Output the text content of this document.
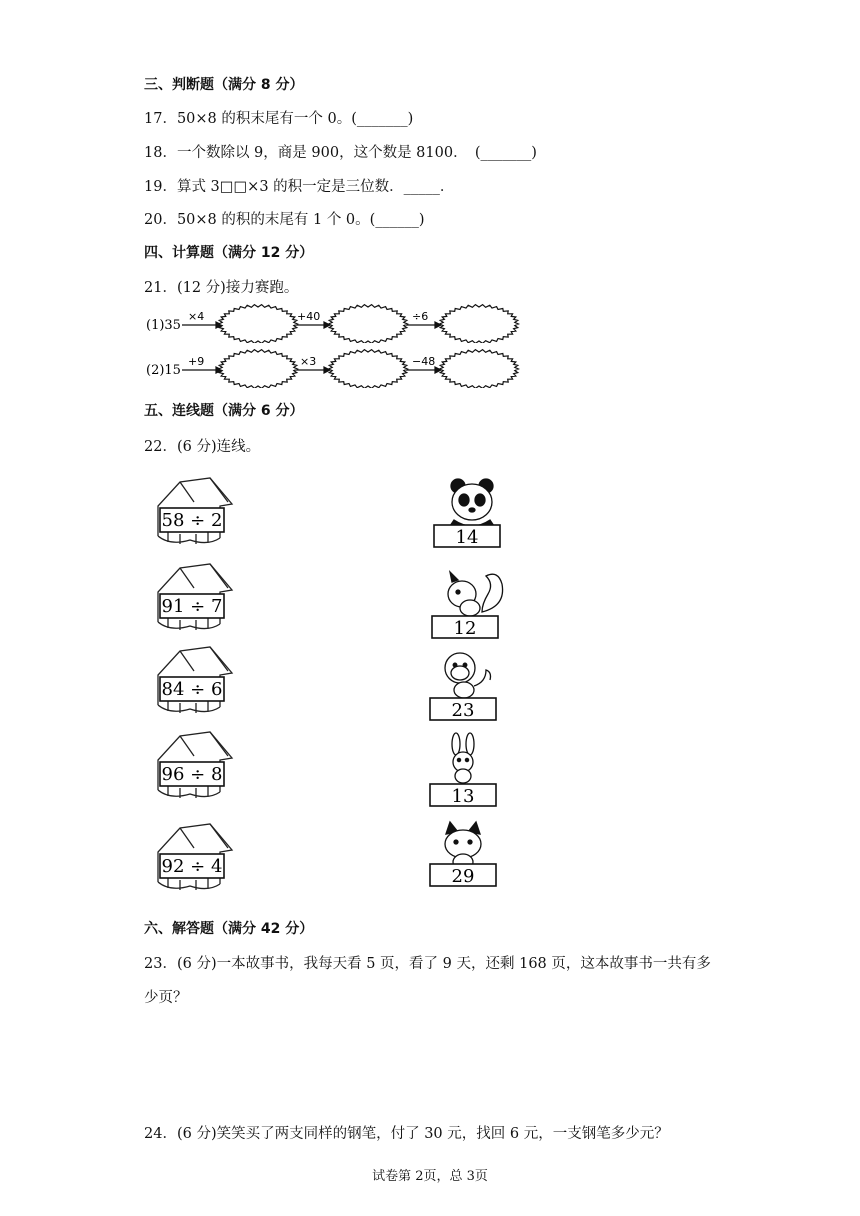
三、判断题（满分 8 分）
17．50×8 的积末尾有一个 0。(_______)
18．一个数除以 9，商是 900，这个数是 8100．　(_______)
19．算式 3□□×3 的积一定是三位数．_____．
20．50×8 的积的末尾有 1 个 0。(______)
四、计算题（满分 12 分）
21．(12 分)接力赛跑。
(1)35
×4	+40	÷6
(2)15
+9	×3	−48
五、连线题（满分 6 分）
22．(6 分)连线。
58 ÷ 2
91 ÷ 7
84 ÷ 6
96 ÷ 8
92 ÷ 4
14
12
23
13
29
六、解答题（满分 42 分）
23．(6 分)一本故事书，我每天看 5 页，看了 9 天，还剩 168 页，这本故事书一共有多
少页？
24．(6 分)笑笑买了两支同样的钢笔，付了 30 元，找回 6 元，一支钢笔多少元？
试卷第 2页，总 3页
